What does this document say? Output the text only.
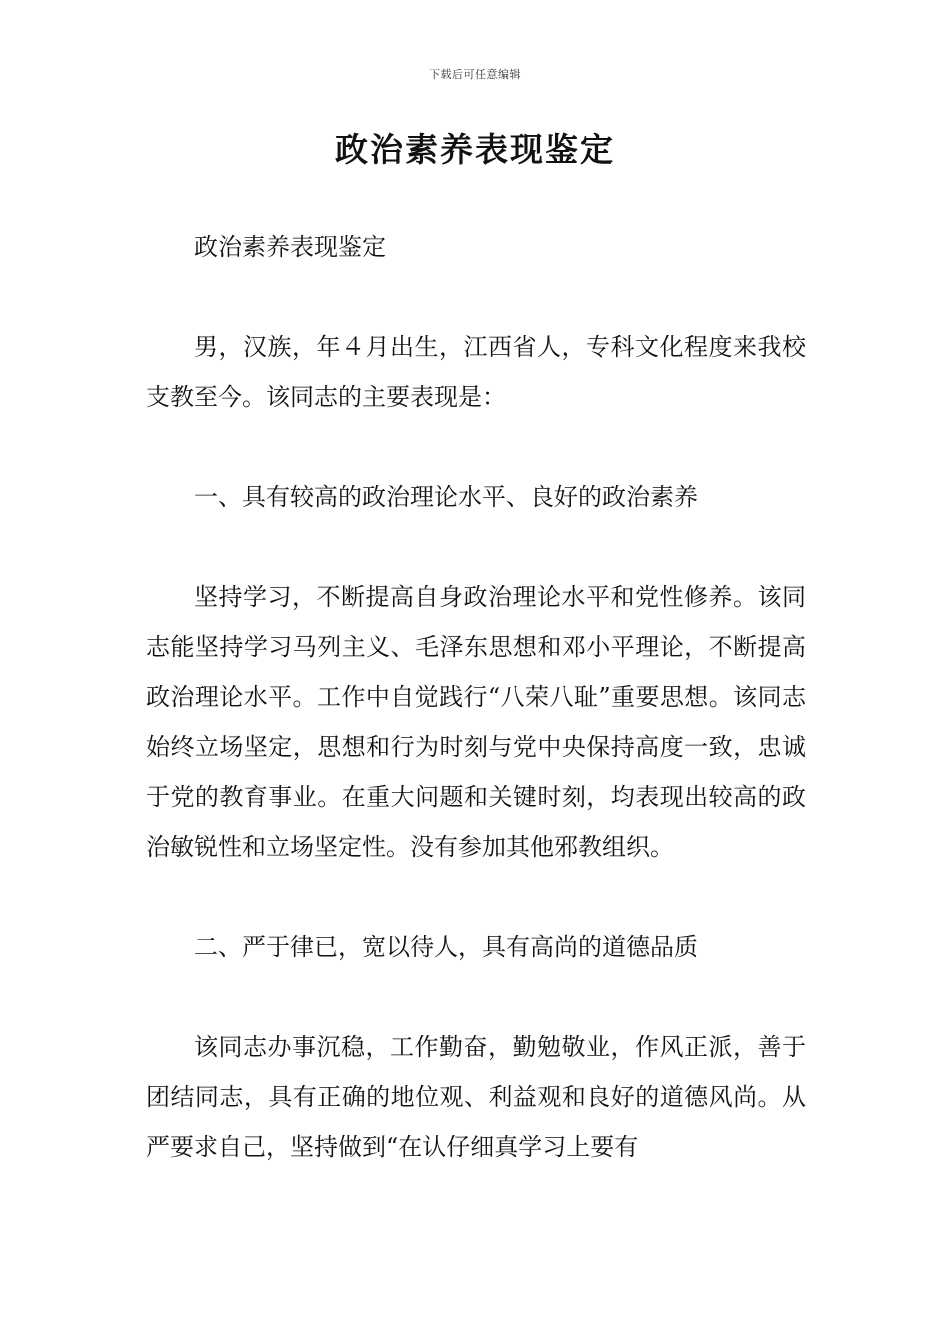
下载后可任意编辑
政治素养表现鉴定

政治素养表现鉴定

男，汉族，年４月出生，江西省人，专科文化程度来我校支教至今。该同志的主要表现是：

一、具有较高的政治理论水平、良好的政治素养

坚持学习，不断提高自身政治理论水平和党性修养。该同志能坚持学习马列主义、毛泽东思想和邓小平理论，不断提高政治理论水平。工作中自觉践行“八荣八耻”重要思想。该同志始终立场坚定，思想和行为时刻与党中央保持高度一致，忠诚于党的教育事业。在重大问题和关键时刻，均表现出较高的政治敏锐性和立场坚定性。没有参加其他邪教组织。

二、严于律已，宽以待人，具有高尚的道德品质

该同志办事沉稳，工作勤奋，勤勉敬业，作风正派，善于团结同志，具有正确的地位观、利益观和良好的道德风尚。从严要求自己，坚持做到“在认仔细真学习上要有
